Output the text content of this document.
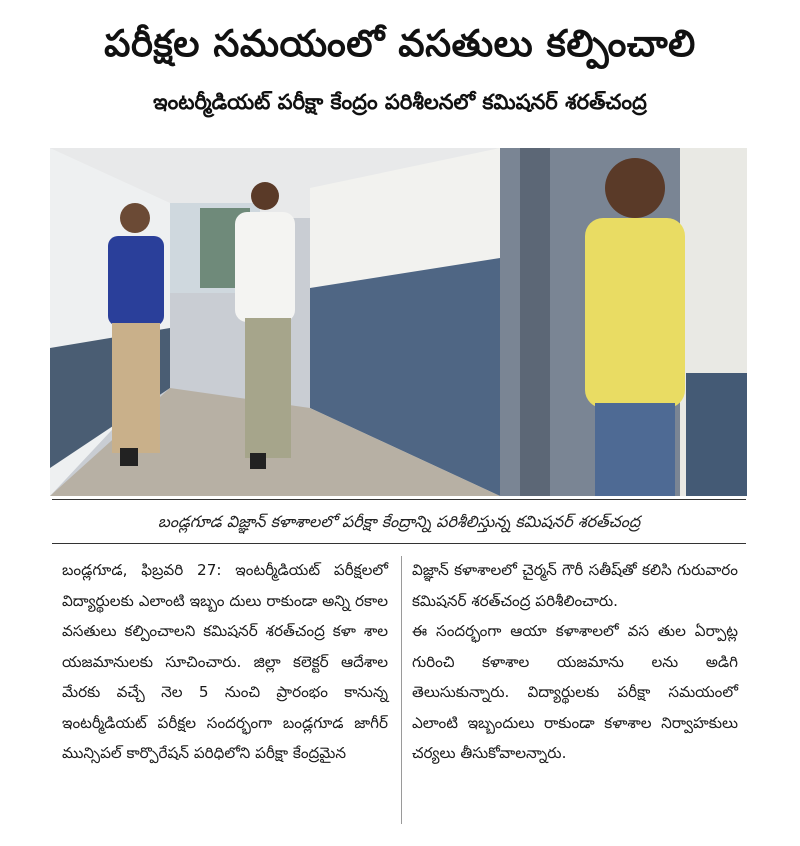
పరీక్షల సమయంలో వసతులు కల్పించాలి
ఇంటర్మీడియట్ పరీక్షా కేంద్రం పరిశీలనలో కమిషనర్ శరత్‌చంద్ర
బండ్లగూడ విజ్ఞాన్ కళాశాలలో పరీక్షా కేంద్రాన్ని పరిశీలిస్తున్న కమిషనర్ శరత్‌చంద్ర

బండ్లగూడ, ఫిబ్రవరి 27: ఇంటర్మీడియట్ పరీక్షలలో విద్యార్థులకు ఎలాంటి ఇబ్బం దులు రాకుండా అన్ని రకాల వసతులు కల్పించాలని కమిషనర్ శరత్‌చంద్ర కళా శాల యజమానులకు సూచించారు. జిల్లా కలెక్టర్ ఆదేశాల మేరకు వచ్చే నెల 5 నుంచి ప్రారంభం కానున్న ఇంటర్మీడియట్ పరీక్షల సందర్భంగా బండ్లగూడ జాగీర్ మున్సిపల్ కార్పొరేషన్ పరిధిలోని పరీక్షా కేంద్రమైన

విజ్ఞాన్ కళాశాలలో చైర్మన్ గౌరీ సతీష్‌తో కలిసి గురువారం కమిషనర్ శరత్‌చంద్ర పరిశీలించారు.

ఈ సందర్భంగా ఆయా కళాశాలలో వస తుల ఏర్పాట్ల గురించి కళాశాల యజమాను లను అడిగి తెలుసుకున్నారు. విద్యార్థులకు పరీక్షా సమయంలో ఎలాంటి ఇబ్బందులు రాకుండా కళాశాల నిర్వాహకులు చర్యలు తీసుకోవాలన్నారు.
